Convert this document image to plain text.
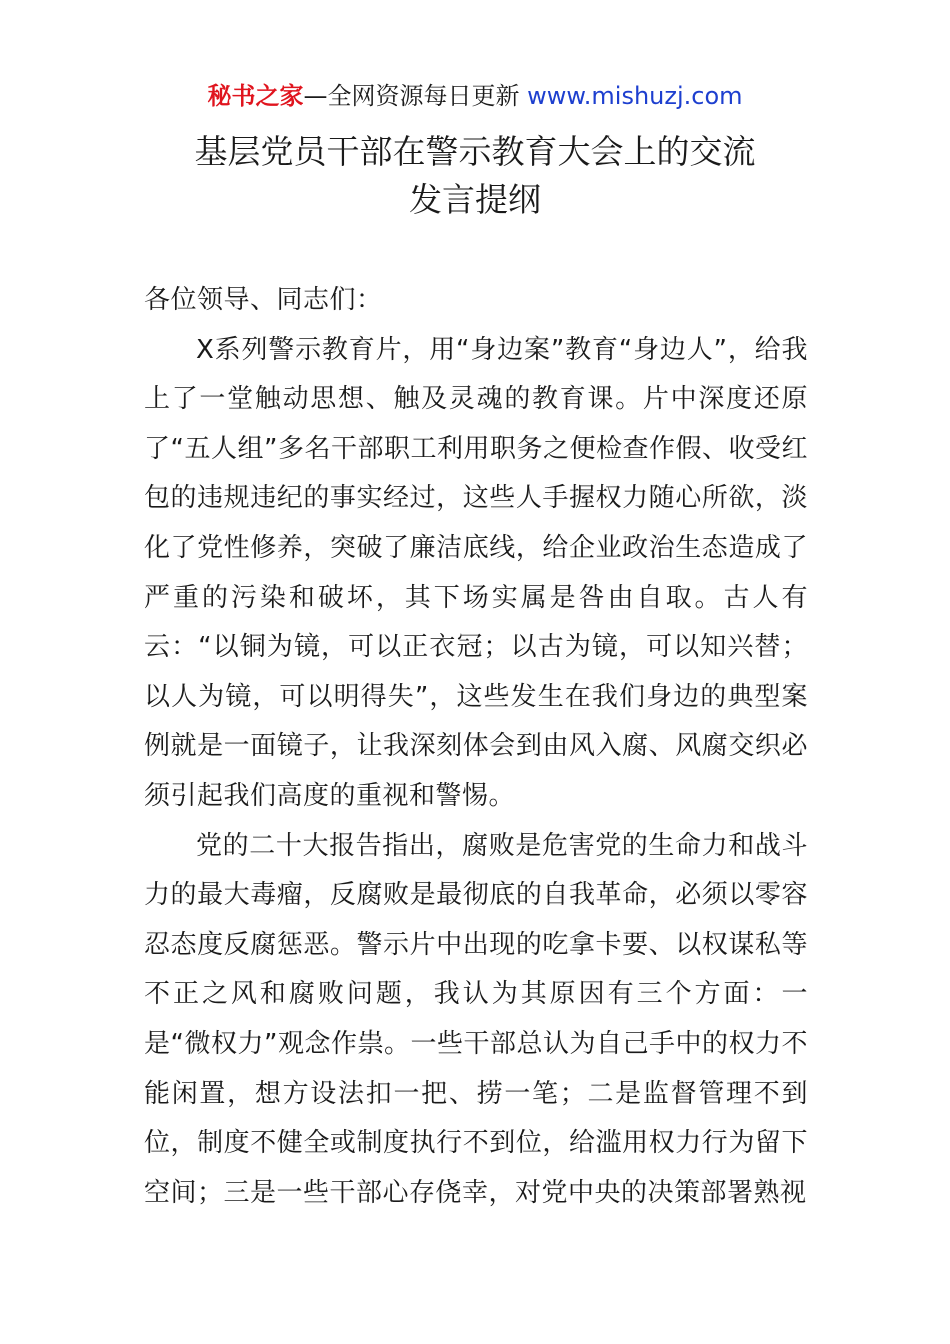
秘书之家—全网资源每日更新 www.mishuzj.com
基层党员干部在警示教育大会上的交流
发言提纲

各位领导、同志们：

X系列警示教育片，用“身边案”教育“身边人”，给我上了一堂触动思想、触及灵魂的教育课。片中深度还原了“五人组”多名干部职工利用职务之便检查作假、收受红包的违规违纪的事实经过，这些人手握权力随心所欲，淡化了党性修养，突破了廉洁底线，给企业政治生态造成了严重的污染和破坏，其下场实属是咎由自取。古人有云：“以铜为镜，可以正衣冠；以古为镜，可以知兴替；以人为镜，可以明得失”，这些发生在我们身边的典型案例就是一面镜子，让我深刻体会到由风入腐、风腐交织必须引起我们高度的重视和警惕。

党的二十大报告指出，腐败是危害党的生命力和战斗力的最大毒瘤，反腐败是最彻底的自我革命，必须以零容忍态度反腐惩恶。警示片中出现的吃拿卡要、以权谋私等不正之风和腐败问题，我认为其原因有三个方面：一是“微权力”观念作祟。一些干部总认为自己手中的权力不能闲置，想方设法扣一把、捞一笔；二是监督管理不到位，制度不健全或制度执行不到位，给滥用权力行为留下空间；三是一些干部心存侥幸，对党中央的决策部署熟视
